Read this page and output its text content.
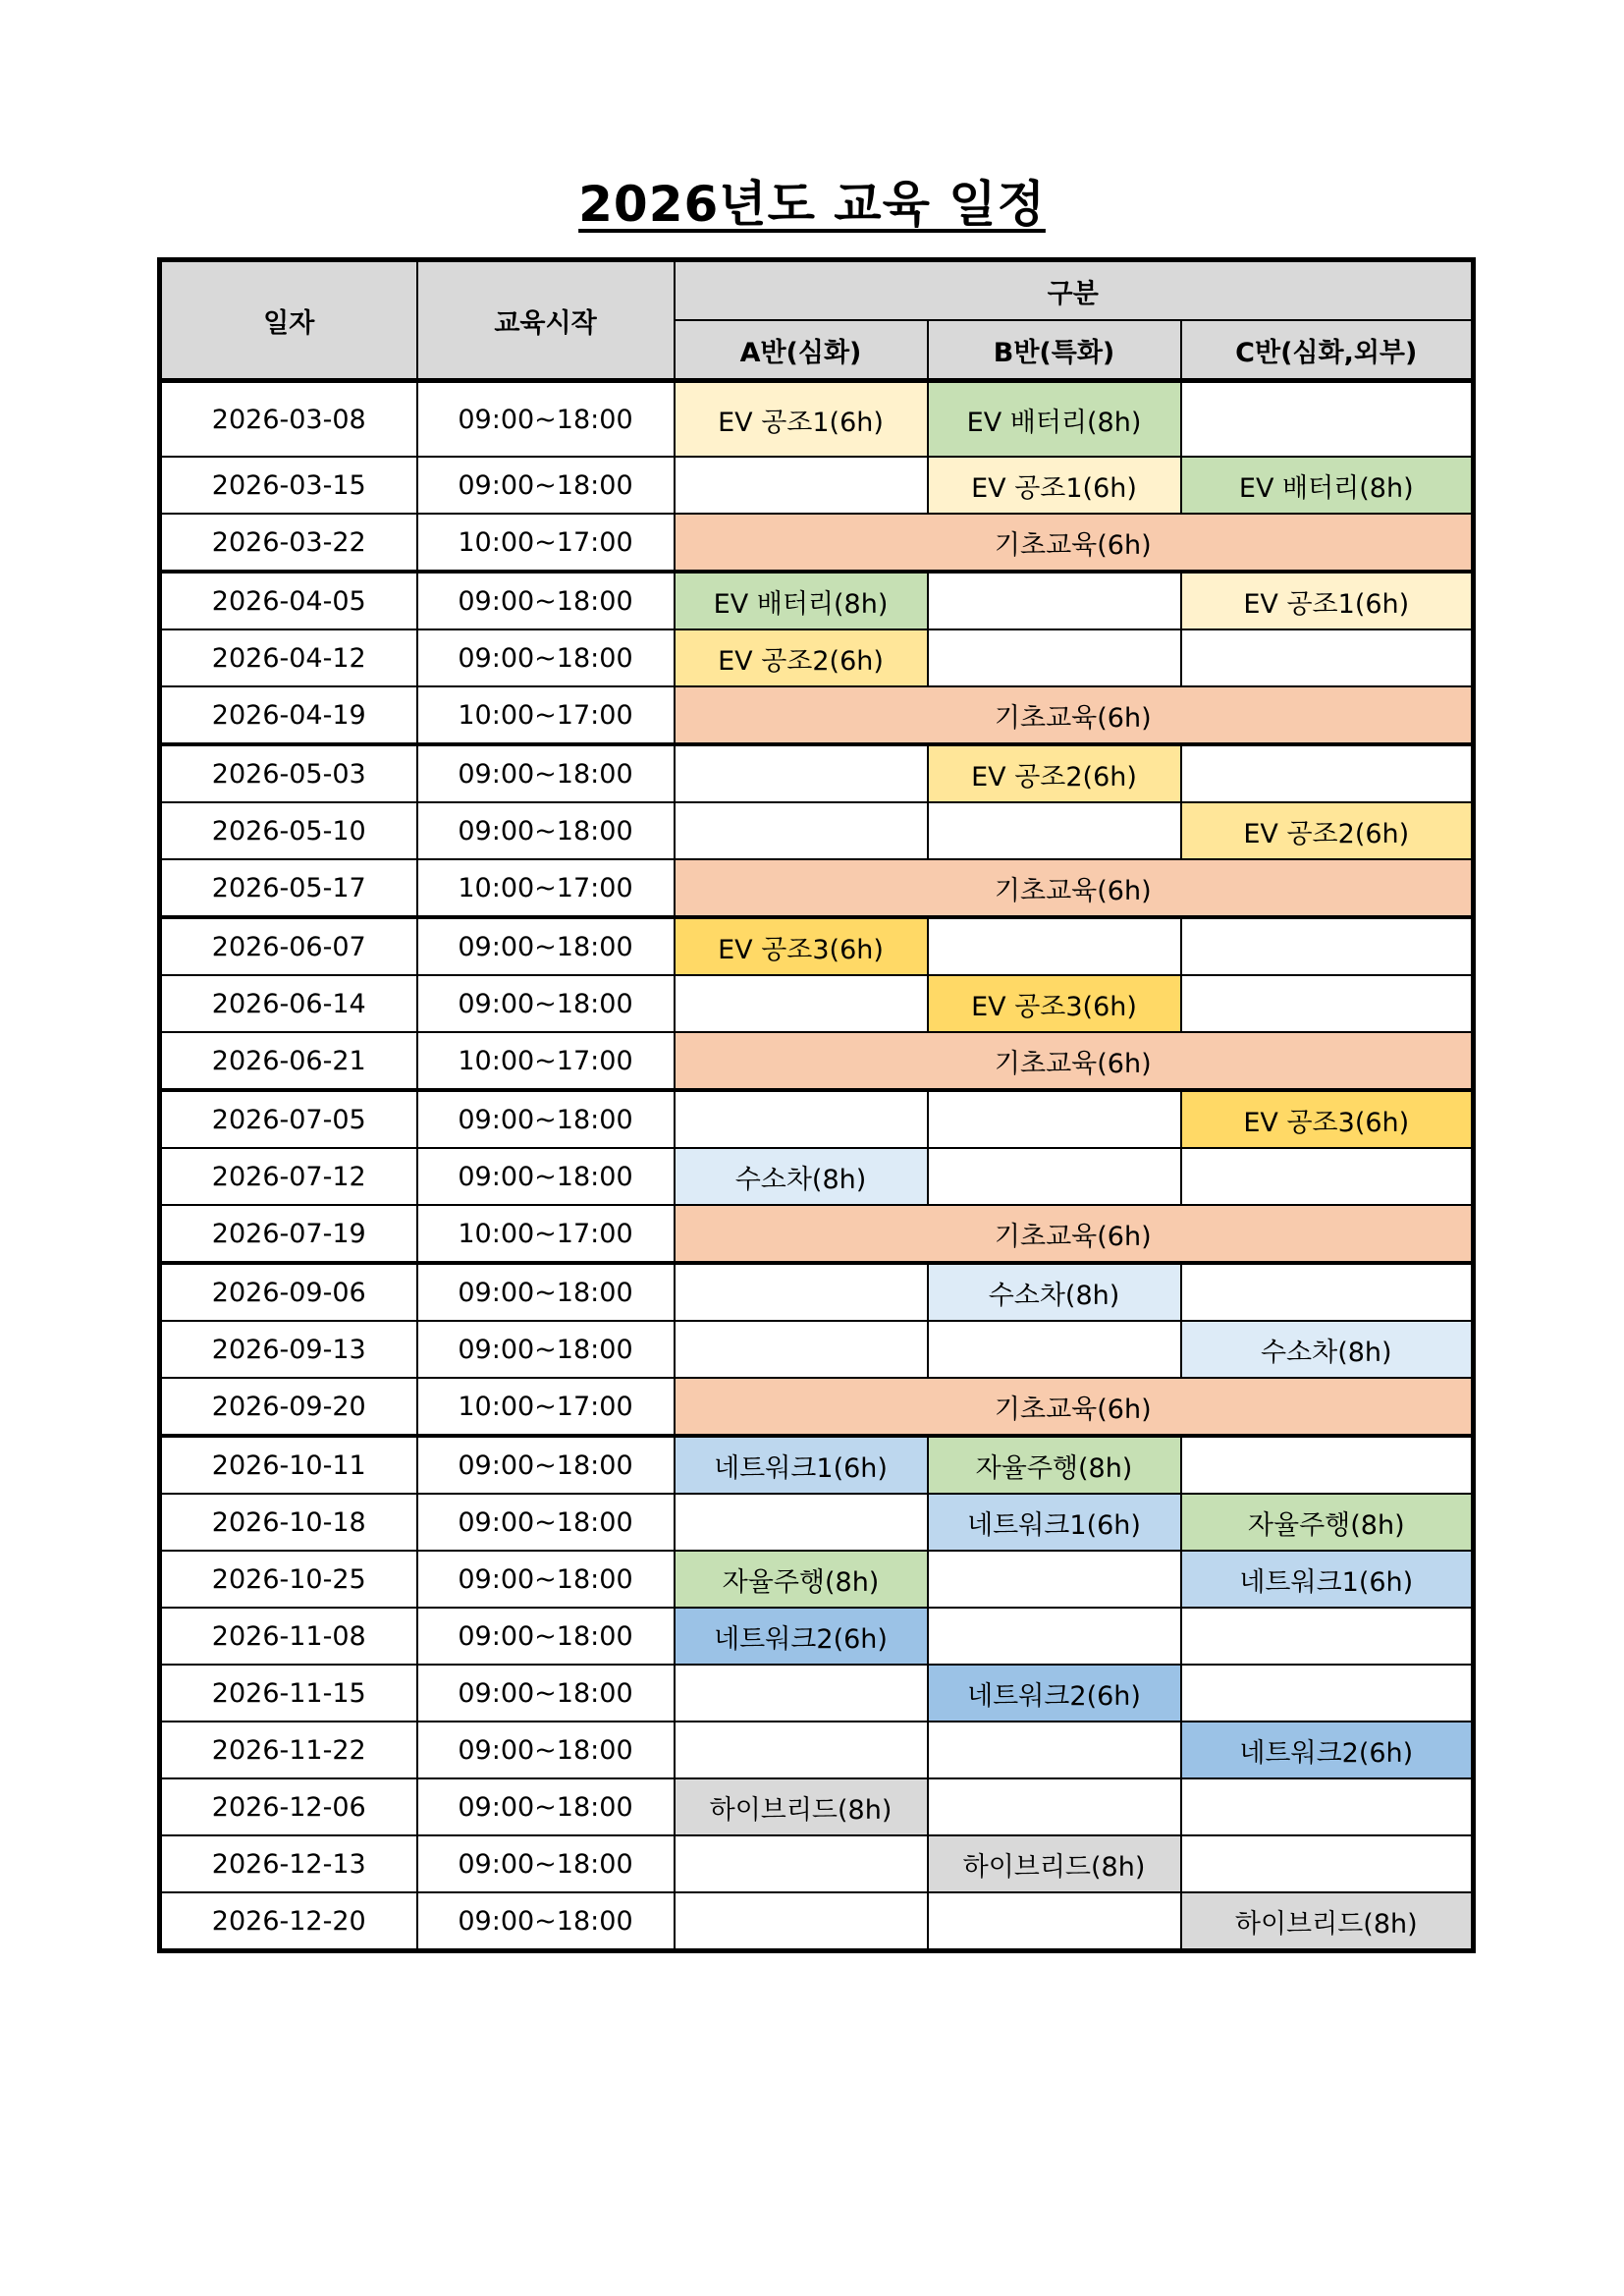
2026년도 교육 일정
일자	교육시작	구분		
		A반(심화)	B반(특화)	C반(심화,외부)
2026-03-08	09:00~18:00	EV 공조1(6h)	EV 배터리(8h)	
2026-03-15	09:00~18:00		EV 공조1(6h)	EV 배터리(8h)
2026-03-22	10:00~17:00	기초교육(6h)		
2026-04-05	09:00~18:00	EV 배터리(8h)		EV 공조1(6h)
2026-04-12	09:00~18:00	EV 공조2(6h)		
2026-04-19	10:00~17:00	기초교육(6h)		
2026-05-03	09:00~18:00		EV 공조2(6h)	
2026-05-10	09:00~18:00			EV 공조2(6h)
2026-05-17	10:00~17:00	기초교육(6h)		
2026-06-07	09:00~18:00	EV 공조3(6h)		
2026-06-14	09:00~18:00		EV 공조3(6h)	
2026-06-21	10:00~17:00	기초교육(6h)		
2026-07-05	09:00~18:00			EV 공조3(6h)
2026-07-12	09:00~18:00	수소차(8h)		
2026-07-19	10:00~17:00	기초교육(6h)		
2026-09-06	09:00~18:00		수소차(8h)	
2026-09-13	09:00~18:00			수소차(8h)
2026-09-20	10:00~17:00	기초교육(6h)		
2026-10-11	09:00~18:00	네트워크1(6h)	자율주행(8h)	
2026-10-18	09:00~18:00		네트워크1(6h)	자율주행(8h)
2026-10-25	09:00~18:00	자율주행(8h)		네트워크1(6h)
2026-11-08	09:00~18:00	네트워크2(6h)		
2026-11-15	09:00~18:00		네트워크2(6h)	
2026-11-22	09:00~18:00			네트워크2(6h)
2026-12-06	09:00~18:00	하이브리드(8h)		
2026-12-13	09:00~18:00		하이브리드(8h)	
2026-12-20	09:00~18:00			하이브리드(8h)
